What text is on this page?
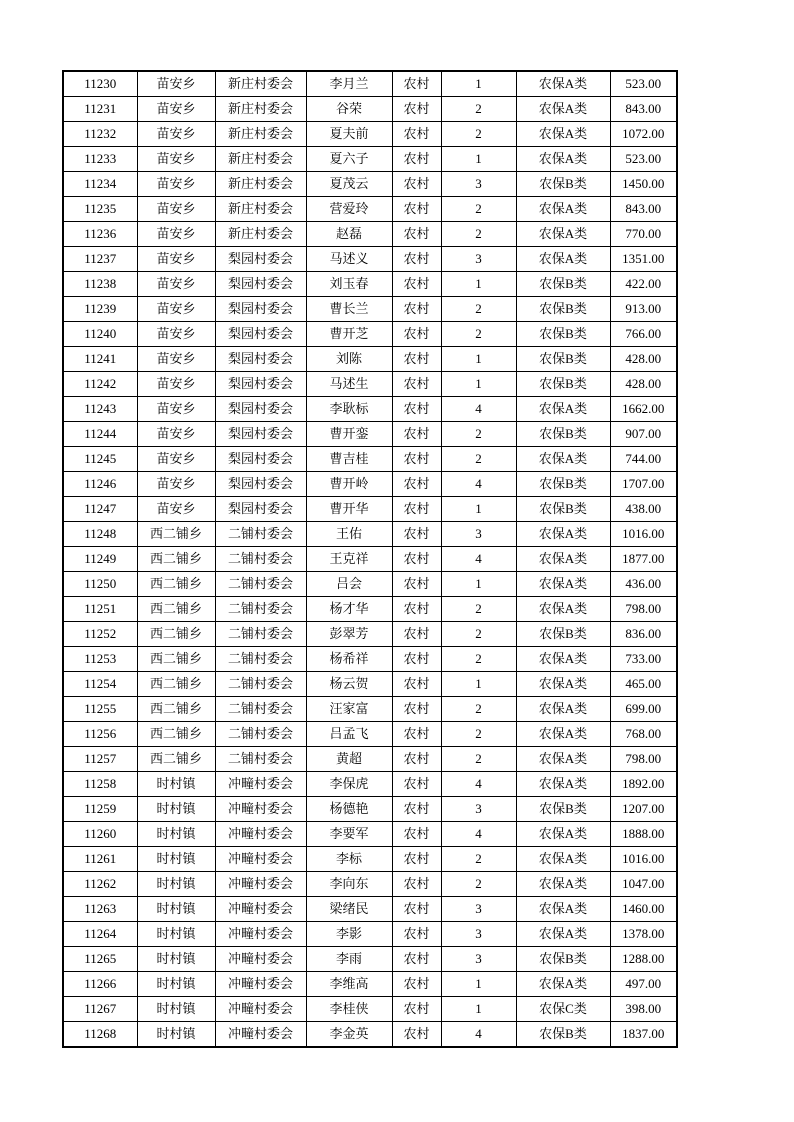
11230	苗安乡	新庄村委会	李月兰	农村	1	农保A类	523.00
11231	苗安乡	新庄村委会	谷荣	农村	2	农保A类	843.00
11232	苗安乡	新庄村委会	夏夫前	农村	2	农保A类	1072.00
11233	苗安乡	新庄村委会	夏六子	农村	1	农保A类	523.00
11234	苗安乡	新庄村委会	夏茂云	农村	3	农保B类	1450.00
11235	苗安乡	新庄村委会	营爱玲	农村	2	农保A类	843.00
11236	苗安乡	新庄村委会	赵磊	农村	2	农保A类	770.00
11237	苗安乡	梨园村委会	马述义	农村	3	农保A类	1351.00
11238	苗安乡	梨园村委会	刘玉春	农村	1	农保B类	422.00
11239	苗安乡	梨园村委会	曹长兰	农村	2	农保B类	913.00
11240	苗安乡	梨园村委会	曹开芝	农村	2	农保B类	766.00
11241	苗安乡	梨园村委会	刘陈	农村	1	农保B类	428.00
11242	苗安乡	梨园村委会	马述生	农村	1	农保B类	428.00
11243	苗安乡	梨园村委会	李耿标	农村	4	农保A类	1662.00
11244	苗安乡	梨园村委会	曹开銮	农村	2	农保B类	907.00
11245	苗安乡	梨园村委会	曹吉桂	农村	2	农保A类	744.00
11246	苗安乡	梨园村委会	曹开岭	农村	4	农保B类	1707.00
11247	苗安乡	梨园村委会	曹开华	农村	1	农保B类	438.00
11248	西二铺乡	二铺村委会	王佑	农村	3	农保A类	1016.00
11249	西二铺乡	二铺村委会	王克祥	农村	4	农保A类	1877.00
11250	西二铺乡	二铺村委会	吕会	农村	1	农保A类	436.00
11251	西二铺乡	二铺村委会	杨才华	农村	2	农保A类	798.00
11252	西二铺乡	二铺村委会	彭翠芳	农村	2	农保B类	836.00
11253	西二铺乡	二铺村委会	杨希祥	农村	2	农保A类	733.00
11254	西二铺乡	二铺村委会	杨云贺	农村	1	农保A类	465.00
11255	西二铺乡	二铺村委会	汪家富	农村	2	农保A类	699.00
11256	西二铺乡	二铺村委会	吕孟飞	农村	2	农保A类	768.00
11257	西二铺乡	二铺村委会	黄超	农村	2	农保A类	798.00
11258	时村镇	冲疃村委会	李保虎	农村	4	农保A类	1892.00
11259	时村镇	冲疃村委会	杨德艳	农村	3	农保B类	1207.00
11260	时村镇	冲疃村委会	李要军	农村	4	农保A类	1888.00
11261	时村镇	冲疃村委会	李标	农村	2	农保A类	1016.00
11262	时村镇	冲疃村委会	李向东	农村	2	农保A类	1047.00
11263	时村镇	冲疃村委会	梁绪民	农村	3	农保A类	1460.00
11264	时村镇	冲疃村委会	李影	农村	3	农保A类	1378.00
11265	时村镇	冲疃村委会	李雨	农村	3	农保B类	1288.00
11266	时村镇	冲疃村委会	李维高	农村	1	农保A类	497.00
11267	时村镇	冲疃村委会	李桂侠	农村	1	农保C类	398.00
11268	时村镇	冲疃村委会	李金英	农村	4	农保B类	1837.00
